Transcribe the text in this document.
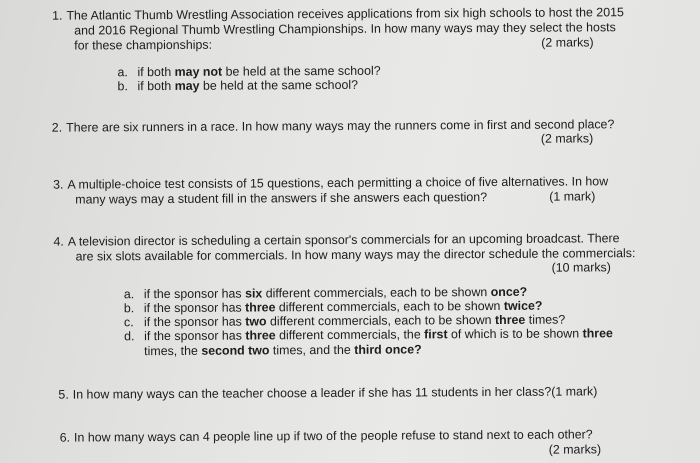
1. The Atlantic Thumb Wrestling Association receives applications from six high schools to host the 2015
and 2016 Regional Thumb Wrestling Championships. In how many ways may they select the hosts
for these championships:	(2 marks)
a. if both may not be held at the same school?
b. if both may be held at the same school?
2. There are six runners in a race. In how many ways may the runners come in first and second place?
(2 marks)
3. A multiple-choice test consists of 15 questions, each permitting a choice of five alternatives. In how
many ways may a student fill in the answers if she answers each question?	(1 mark)
4. A television director is scheduling a certain sponsor's commercials for an upcoming broadcast. There
are six slots available for commercials. In how many ways may the director schedule the commercials:
(10 marks)
a. if the sponsor has six different commercials, each to be shown once?
b. if the sponsor has three different commercials, each to be shown twice?
c. if the sponsor has two different commercials, each to be shown three times?
d. if the sponsor has three different commercials, the first of which is to be shown three
times, the second two times, and the third once?
5. In how many ways can the teacher choose a leader if she has 11 students in her class?(1 mark)
6. In how many ways can 4 people line up if two of the people refuse to stand next to each other?
(2 marks)
